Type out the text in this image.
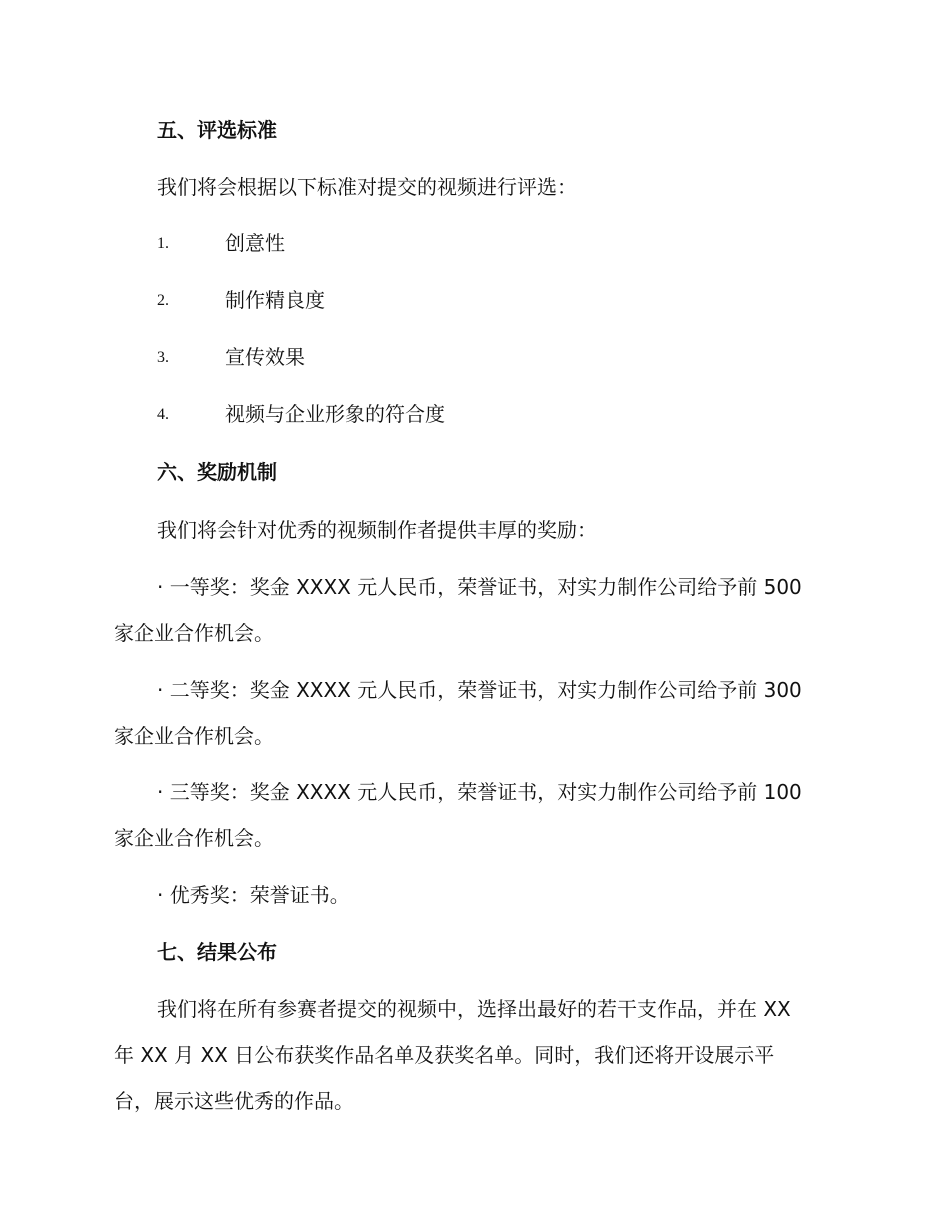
五、评选标准

我们将会根据以下标准对提交的视频进行评选：

1.	创意性
2.	制作精良度
3.	宣传效果
4.	视频与企业形象的符合度
六、奖励机制

我们将会针对优秀的视频制作者提供丰厚的奖励：

· 一等奖：奖金 XXXX 元人民币，荣誉证书，对实力制作公司给予前 500

家企业合作机会。

· 二等奖：奖金 XXXX 元人民币，荣誉证书，对实力制作公司给予前 300

家企业合作机会。

· 三等奖：奖金 XXXX 元人民币，荣誉证书，对实力制作公司给予前 100

家企业合作机会。

· 优秀奖：荣誉证书。

七、结果公布

我们将在所有参赛者提交的视频中，选择出最好的若干支作品，并在 XX

年 XX 月 XX 日公布获奖作品名单及获奖名单。同时，我们还将开设展示平

台，展示这些优秀的作品。
